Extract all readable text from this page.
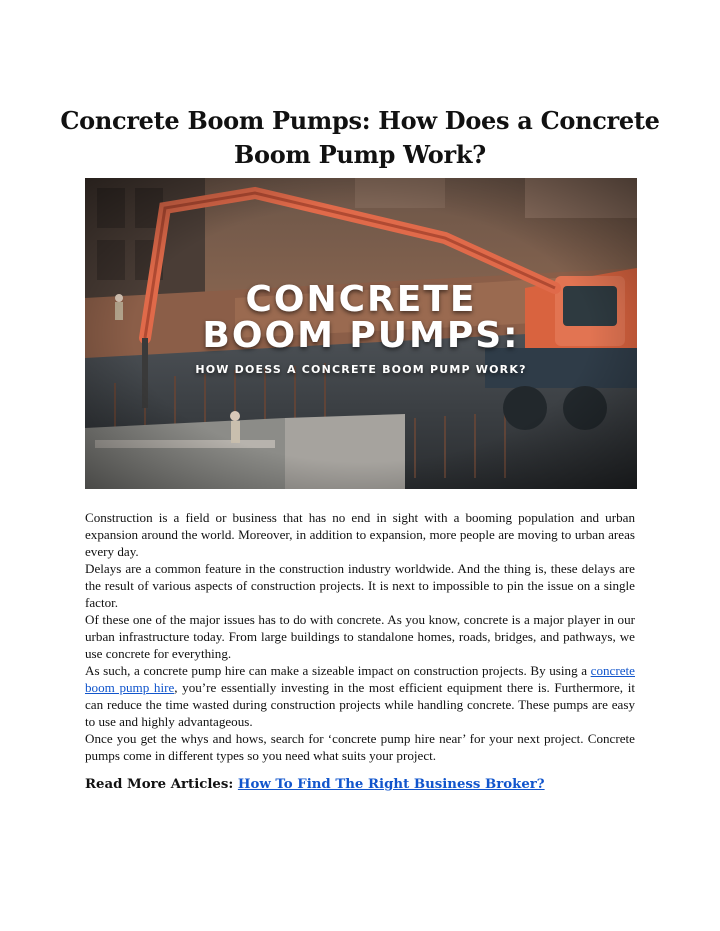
Concrete Boom Pumps: How Does a Concrete Boom Pump Work?
CONCRETE
BOOM PUMPS:
HOW DOESS A CONCRETE BOOM PUMP WORK?

Construction is a field or business that has no end in sight with a booming population and urban expansion around the world. Moreover, in addition to expansion, more people are moving to urban areas every day.

Delays are a common feature in the construction industry worldwide. And the thing is, these delays are the result of various aspects of construction projects. It is next to impossible to pin the issue on a single factor.

Of these one of the major issues has to do with concrete. As you know, concrete is a major player in our urban infrastructure today. From large buildings to standalone homes, roads, bridges, and pathways, we use concrete for everything.

As such, a concrete pump hire can make a sizeable impact on construction projects. By using a concrete boom pump hire, you’re essentially investing in the most efficient equipment there is. Furthermore, it can reduce the time wasted during construction projects while handling concrete. These pumps are easy to use and highly advantageous.

Once you get the whys and hows, search for ‘concrete pump hire near’ for your next project. Concrete pumps come in different types so you need what suits your project.

Read More Articles: How To Find The Right Business Broker?
